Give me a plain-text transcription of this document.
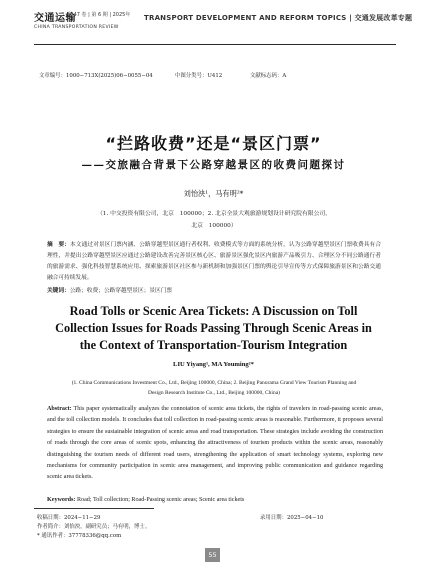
交通运输
第 47 卷 | 第 6 期 | 2025年
CHINA TRANSPORTATION REVIEW
TRANSPORT DEVELOPMENT AND REFORM TOPICS | 交通发展改革专题
文章编号：1000−713X(2025)06−0055−04	中图分类号：U412	文献标志码：A
“拦路收费”还是“景区门票”
——交旅融合背景下公路穿越景区的收费问题探讨
刘怡泱¹，马有明²*
（1. 中交投资有限公司，北京　100000；2. 北京全景大观旅游规划设计研究院有限公司，
北京　100000）
摘　要：本文通过对景区门票内涵、公路穿越型景区通行者权利、收费模式等方面的系统分析，认为公路穿越型景区门票收费具有合理性，并提出公路穿越型景区应通过公路建设改善完善景区核心区、旅游景区强化景区内旅游产品吸引力、合理区分不同公路通行者的旅游需求、强化科技智慧系统应用、探索旅游景区社区参与新机制和加强景区门票的舆论引导宣传等方式保障旅游景区和公路交通融合可持续发展。
关键词：公路；收费；公路穿越型景区；景区门票
Road Tolls or Scenic Area Tickets: A Discussion on Toll Collection Issues for Roads Passing Through Scenic Areas in the Context of Transportation-Tourism Integration
LIU Yiyang¹, MA Youming²*
(1. China Communications Investment Co., Ltd., Beijing 100000, China; 2. Beijing Panorama Grand View Tourism Planning and Design Research Institute Co., Ltd., Beijing 100000, China)
Abstract: This paper systematically analyzes the connotation of scenic area tickets, the rights of travelers in road-passing scenic areas, and the toll collection models. It concludes that toll collection in road-passing scenic areas is reasonable. Furthermore, it proposes several strategies to ensure the sustainable integration of scenic areas and road transportation. These strategies include avoiding the construction of roads through the core areas of scenic spots, enhancing the attractiveness of tourism products within the scenic areas, reasonably distinguishing the tourism needs of different road users, strengthening the application of smart technology systems, exploring new mechanisms for community participation in scenic area management, and improving public communication and guidance regarding scenic area tickets.
Keywords: Road; Toll collection; Road-Passing scenic areas; Scenic area tickets
收稿日期：2024−11−29	录用日期：2025−04−10
作者简介：刘怡泱，副研究员；马有明，博士。
* 通讯作者：37778336@qq.com
55
